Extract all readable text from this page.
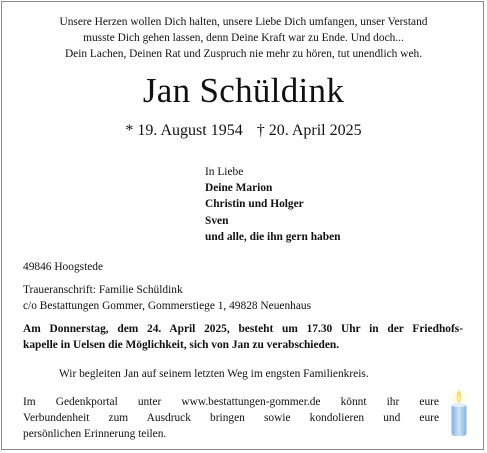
Unsere Herzen wollen Dich halten, unsere Liebe Dich umfangen, unser Verstand
musste Dich gehen lassen, denn Deine Kraft war zu Ende. Und doch...
Dein Lachen, Deinen Rat und Zuspruch nie mehr zu hören, tut unendlich weh.
Jan Schüldink
* 19. August 1954 † 20. April 2025
In Liebe
Deine Marion
Christin und Holger
Sven
und alle, die ihn gern haben
49846 Hoogstede
Traueranschrift: Familie Schüldink
c/o Bestattungen Gommer, Gommerstiege 1, 49828 Neuenhaus
Am Donnerstag, dem 24. April 2025, besteht um 17.30 Uhr in der Friedhofs-
kapelle in Uelsen die Möglichkeit, sich von Jan zu verabschieden.
Wir begleiten Jan auf seinem letzten Weg im engsten Familienkreis.
Im Gedenkportal unter www.bestattungen-gommer.de könnt ihr eure
Verbundenheit zum Ausdruck bringen sowie kondolieren und eure
persönlichen Erinnerung teilen.
